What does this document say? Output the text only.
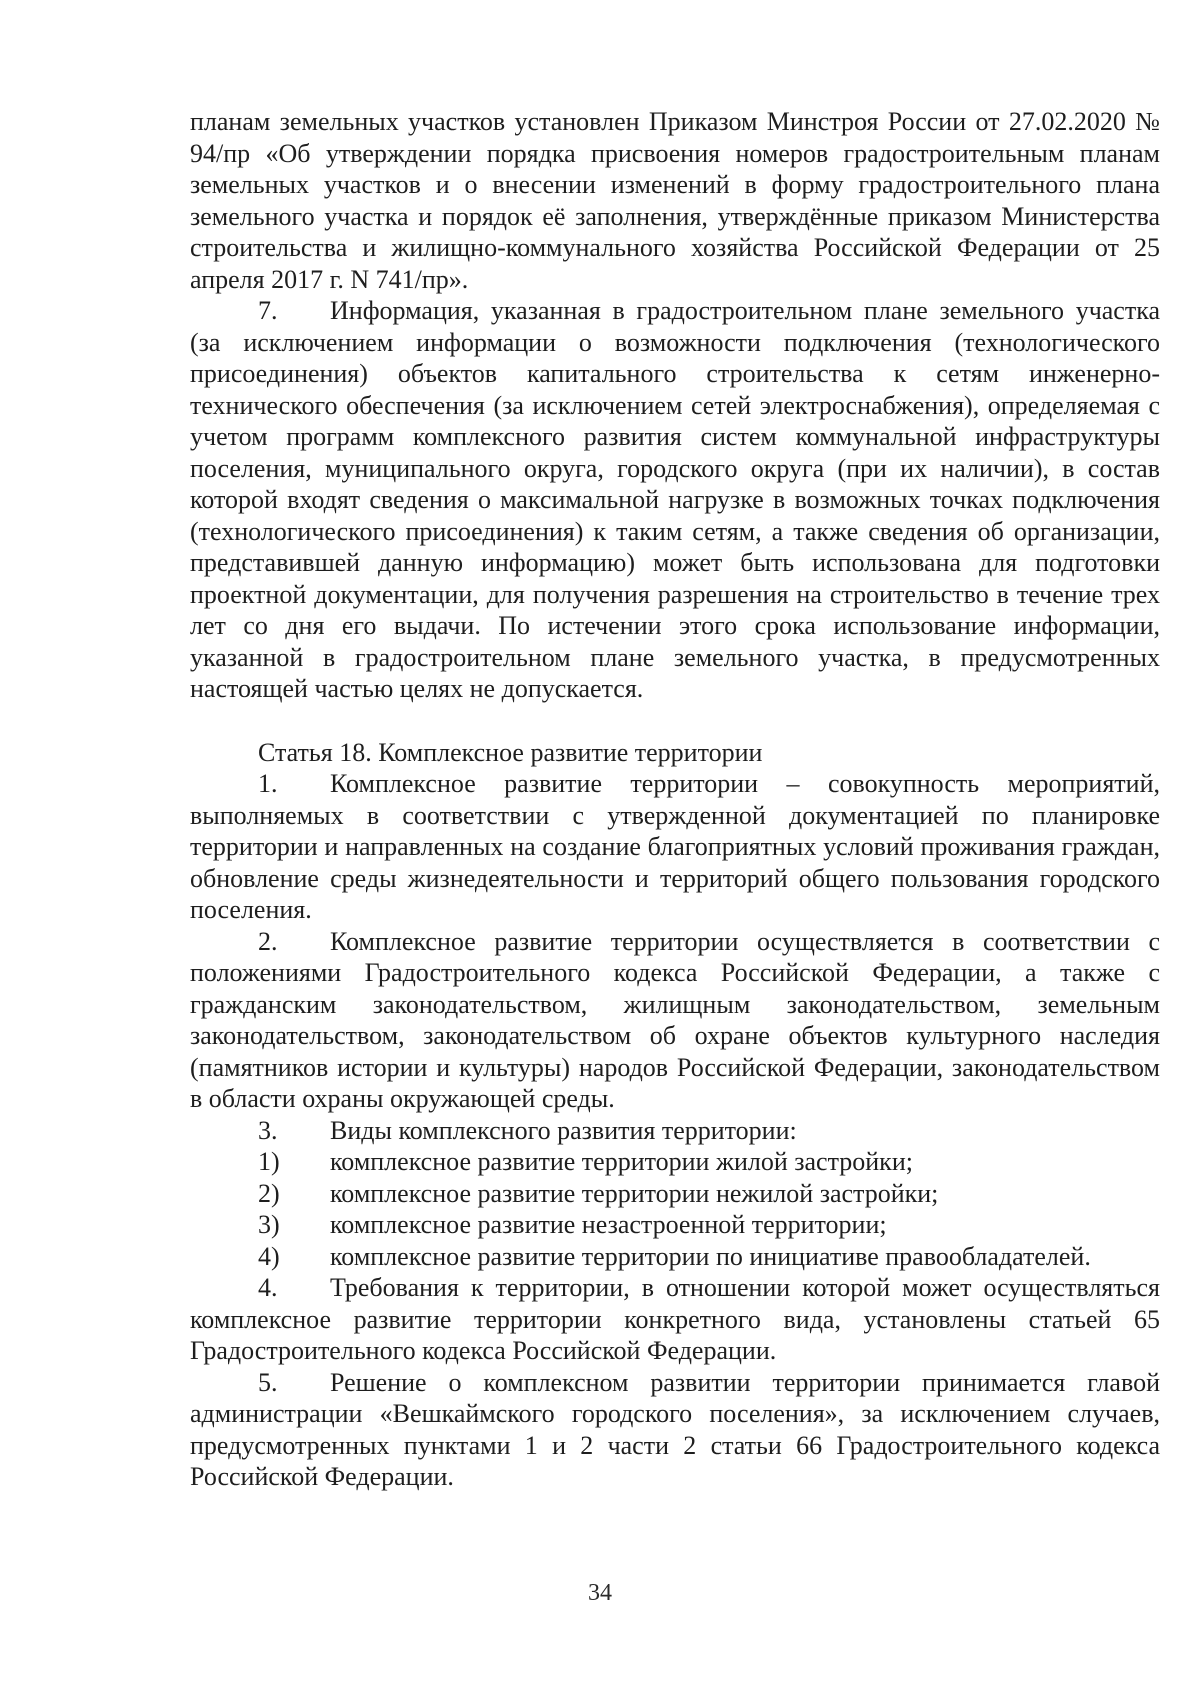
планам земельных участков установлен Приказом Минстроя России от 27.02.2020 № 94/пр «Об утверждении порядка присвоения номеров градостроительным планам земельных участков и о внесении изменений в форму градостроительного плана земельного участка и порядок её заполнения, утверждённые приказом Министерства строительства и жилищно-коммунального хозяйства Российской Федерации от 25 апреля 2017 г. N 741/пр».

7. Информация, указанная в градостроительном плане земельного участка (за исключением информации о возможности подключения (технологического присоединения) объектов капитального строительства к сетям инженерно-технического обеспечения (за исключением сетей электроснабжения), определяемая с учетом программ комплексного развития систем коммунальной инфраструктуры поселения, муниципального округа, городского округа (при их наличии), в состав которой входят сведения о максимальной нагрузке в возможных точках подключения (технологического присоединения) к таким сетям, а также сведения об организации, представившей данную информацию) может быть использована для подготовки проектной документации, для получения разрешения на строительство в течение трех лет со дня его выдачи. По истечении этого срока использование информации, указанной в градостроительном плане земельного участка, в предусмотренных настоящей частью целях не допускается.

Статья 18. Комплексное развитие территории

1. Комплексное развитие территории – совокупность мероприятий, выполняемых в соответствии с утвержденной документацией по планировке территории и направленных на создание благоприятных условий проживания граждан, обновление среды жизнедеятельности и территорий общего пользования городского поселения.

2. Комплексное развитие территории осуществляется в соответствии с положениями Градостроительного кодекса Российской Федерации, а также с гражданским законодательством, жилищным законодательством, земельным законодательством, законодательством об охране объектов культурного наследия (памятников истории и культуры) народов Российской Федерации, законодательством в области охраны окружающей среды.

3. Виды комплексного развития территории:

1) комплексное развитие территории жилой застройки;

2) комплексное развитие территории нежилой застройки;

3) комплексное развитие незастроенной территории;

4) комплексное развитие территории по инициативе правообладателей.

4. Требования к территории, в отношении которой может осуществляться комплексное развитие территории конкретного вида, установлены статьей 65 Градостроительного кодекса Российской Федерации.

5. Решение о комплексном развитии территории принимается главой администрации «Вешкаймского городского поселения», за исключением случаев, предусмотренных пунктами 1 и 2 части 2 статьи 66 Градостроительного кодекса Российской Федерации.

34
